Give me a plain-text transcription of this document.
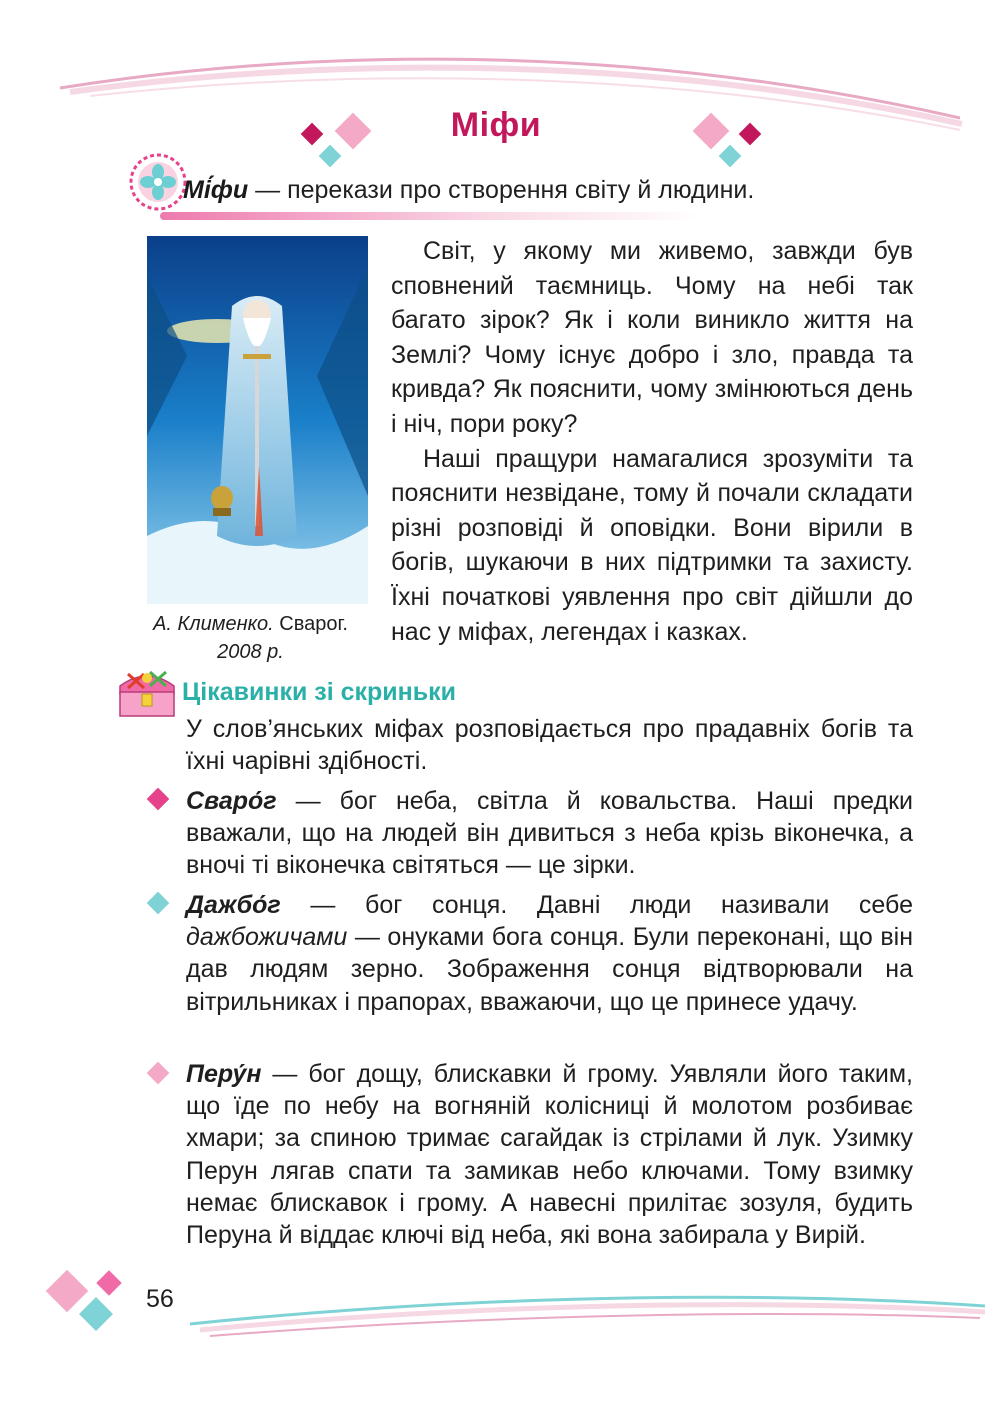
Міфи
Мі́фи — перекази про створення світу й людини.
А. Клименко. Сварог.
2008 р.

Світ, у якому ми живемо, завжди був сповнений таємниць. Чому на небі так багато зірок? Як і коли виникло життя на Землі? Чому існує добро і зло, правда та кривда? Як пояснити, чому змінюються день і ніч, пори року?

Наші пращури намагалися зрозуміти та пояснити незвідане, тому й почали складати різні розповіді й оповідки. Вони вірили в богів, шукаючи в них підтримки та захисту. Їхні початкові уявлення про світ дійшли до нас у міфах, легендах і казках.

Цікавинки зі скриньки

У слов’янських міфах розповідається про прадавніх богів та їхні чарівні здібності.

Сваро́г — бог неба, світла й ковальства. Наші предки вважали, що на людей він дивиться з неба крізь віконечка, а вночі ті віконечка світяться — це зірки.

Дажбо́г — бог сонця. Давні люди називали себе дажбожичами — онуками бога сонця. Були переконані, що він дав людям зерно. Зображення сонця відтворювали на вітрильниках і прапорах, вважаючи, що це принесе удачу.

Перу́н — бог дощу, блискавки й грому. Уявляли його таким, що їде по небу на вогняній колісниці й молотом розбиває хмари; за спиною тримає сагайдак із стрілами й лук. Узимку Перун лягав спати та замикав небо ключами. Тому взимку немає блискавок і грому. А навесні прилітає зозуля, будить Перуна й віддає ключі від неба, які вона забирала у Вирій.

56
